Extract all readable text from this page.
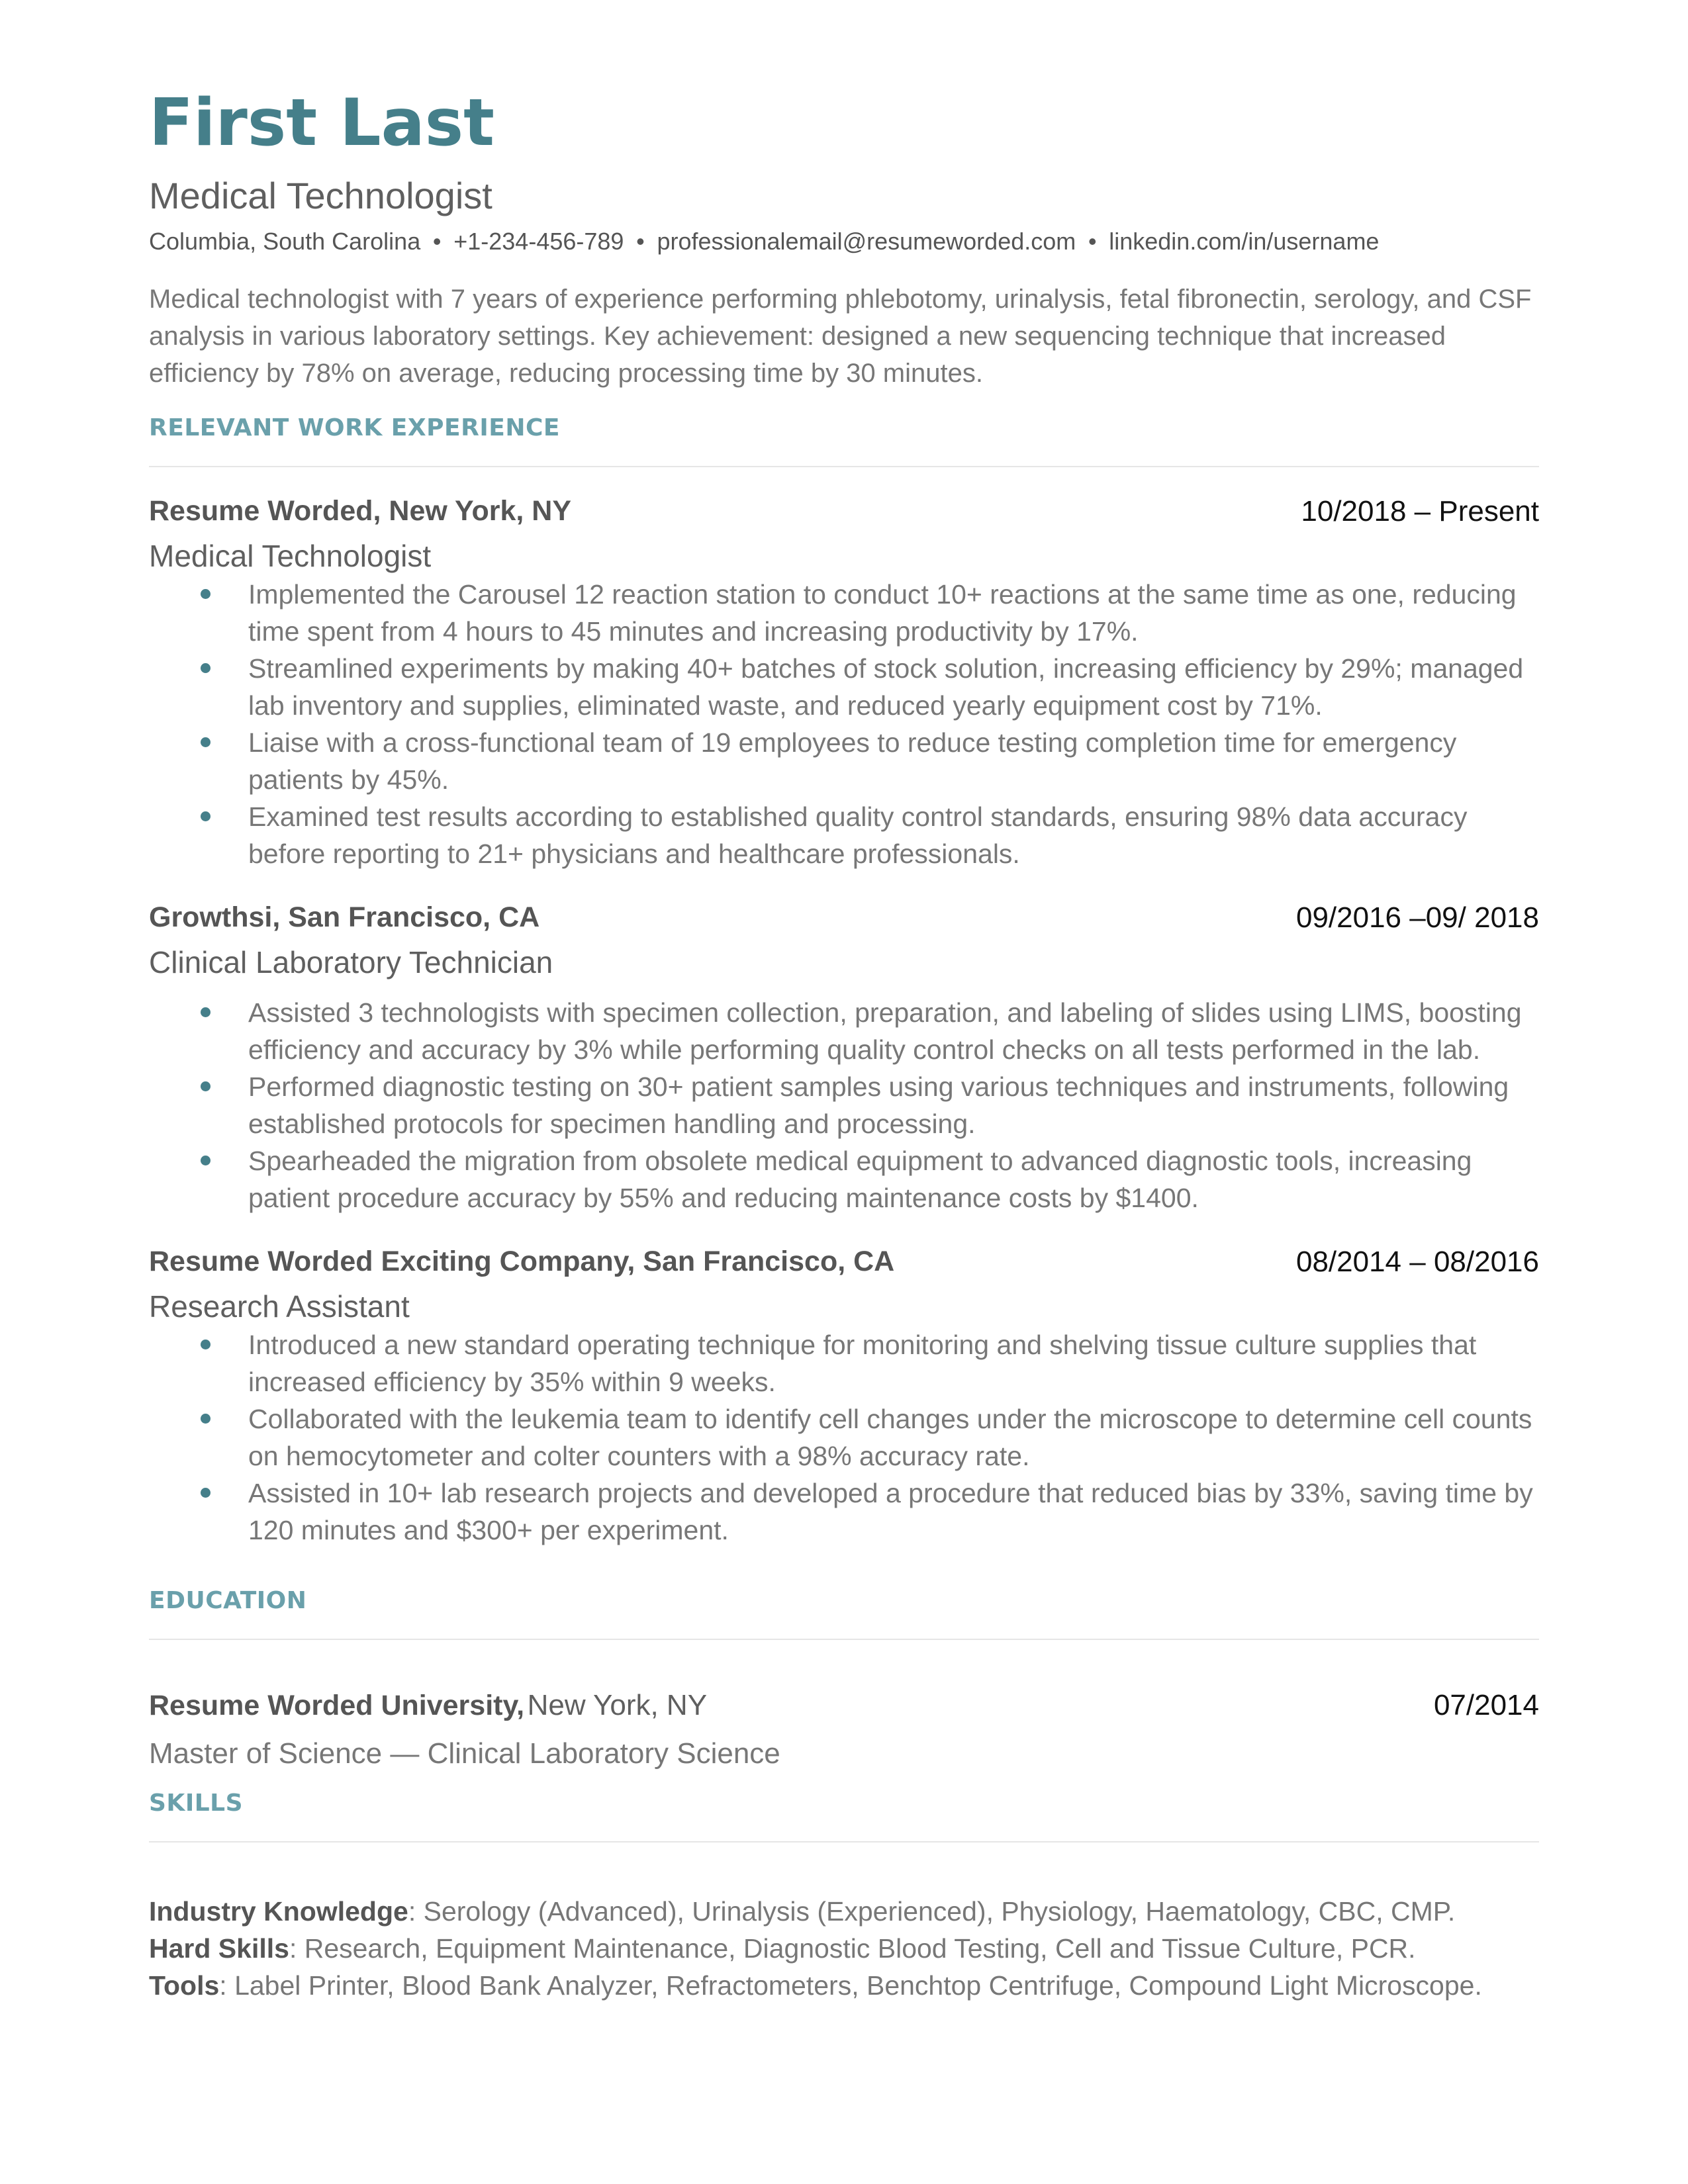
First Last
Medical Technologist
Columbia, South Carolina • +1-234-456-789 • professionalemail@resumeworded.com • linkedin.com/in/username
Medical technologist with 7 years of experience performing phlebotomy, urinalysis, fetal fibronectin, serology, and CSF analysis in various laboratory settings. Key achievement: designed a new sequencing technique that increased efficiency by 78% on average, reducing processing time by 30 minutes.
RELEVANT WORK EXPERIENCE
Resume Worded, New York, NY	10/2018 – Present
Medical Technologist
Implemented the Carousel 12 reaction station to conduct 10+ reactions at the same time as one, reducing time spent from 4 hours to 45 minutes and increasing productivity by 17%.
Streamlined experiments by making 40+ batches of stock solution, increasing efficiency by 29%; managed lab inventory and supplies, eliminated waste, and reduced yearly equipment cost by 71%.
Liaise with a cross-functional team of 19 employees to reduce testing completion time for emergency patients by 45%.
Examined test results according to established quality control standards, ensuring 98% data accuracy before reporting to 21+ physicians and healthcare professionals.
Growthsi, San Francisco, CA	09/2016 –09/ 2018
Clinical Laboratory Technician
Assisted 3 technologists with specimen collection, preparation, and labeling of slides using LIMS, boosting efficiency and accuracy by 3% while performing quality control checks on all tests performed in the lab.
Performed diagnostic testing on 30+ patient samples using various techniques and instruments, following established protocols for specimen handling and processing.
Spearheaded the migration from obsolete medical equipment to advanced diagnostic tools, increasing patient procedure accuracy by 55% and reducing maintenance costs by $1400.
Resume Worded Exciting Company, San Francisco, CA	08/2014 – 08/2016
Research Assistant
Introduced a new standard operating technique for monitoring and shelving tissue culture supplies that increased efficiency by 35% within 9 weeks.
Collaborated with the leukemia team to identify cell changes under the microscope to determine cell counts on hemocytometer and colter counters with a 98% accuracy rate.
Assisted in 10+ lab research projects and developed a procedure that reduced bias by 33%, saving time by 120 minutes and $300+ per experiment.
EDUCATION
Resume Worded University, New York, NY	07/2014
Master of Science — Clinical Laboratory Science
SKILLS
Industry Knowledge: Serology (Advanced), Urinalysis (Experienced), Physiology, Haematology, CBC, CMP.
Hard Skills: Research, Equipment Maintenance, Diagnostic Blood Testing, Cell and Tissue Culture, PCR.
Tools: Label Printer, Blood Bank Analyzer, Refractometers, Benchtop Centrifuge, Compound Light Microscope.
